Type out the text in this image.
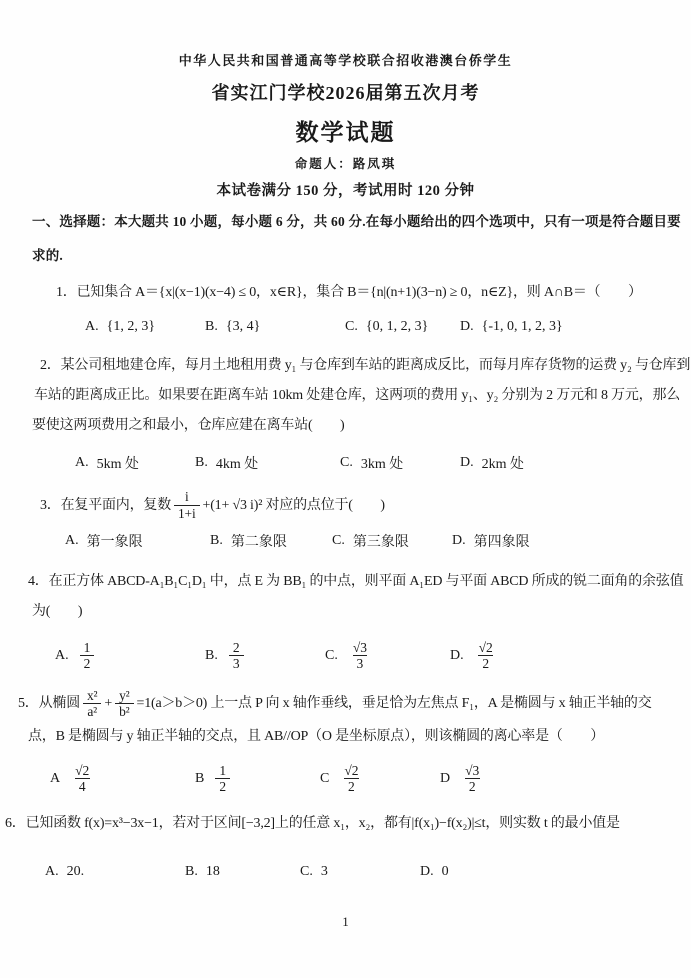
中华人民共和国普通高等学校联合招收港澳台侨学生
省实江门学校2026届第五次月考
数学试题
命题人：路凤琪
本试卷满分 150 分，考试用时 120 分钟
一、选择题：本大题共 10 小题，每小题 6 分，共 60 分.在每小题给出的四个选项中，只有一项是符合题目要
求的.
1．已知集合 A＝{x|(x−1)(x−4) ≤ 0，x∈R}，集合 B＝{n|(n+1)(3−n) ≥ 0，n∈Z}，则 A∩B＝（　　）
A. {1, 2, 3}	B. {3, 4}	C. {0, 1, 2, 3} D. {-1, 0, 1, 2, 3}
2．某公司租地建仓库，每月土地租用费 y₁ 与仓库到车站的距离成反比，而每月库存货物的运费 y₂ 与仓库到
车站的距离成正比。如果要在距离车站 10km 处建仓库，这两项的费用 y₁、y₂ 分别为 2 万元和 8 万元，那么
要使这两项费用之和最小，仓库应建在离车站(　　)
A. 5km 处	B. 4km 处	C. 3km 处	D. 2km 处
3．在复平面内，复数 $\frac{i}{1+i} +(1+ √3$ i)² 对应的点位于(　　)
A. 第一象限	B. 第二象限	C. 第三象限	D. 第四象限
4．在正方体 ABCD-A₁B₁C₁D₁ 中，点 E 为 BB₁ 的中点，则平面 A₁ED 与平面 ABCD 所成的锐二面角的余弦值
为(　　)
A. $\frac{1}{2}$	B. $\frac{2}{3}$	C. $\frac{√3}{3}$	D. $\frac{√2}{2}$
5．从椭圆 $\frac{\text{x²}}{\text{a²}} + \frac{\text{y²}}{\text{b²}} =1(a>b>0)$ 上一点 P 向 x 轴作垂线，垂足恰为左焦点 F₁，A 是椭圆与 x 轴正半轴的交
点，B 是椭圆与 y 轴正半轴的交点，且 AB//OP（O 是坐标原点），则该椭圆的离心率是（　　）
A $\frac{√2}{4}$	B $\frac{1}{2}$	C $\frac{√2}{2}$	D $\frac{√3}{2}$
6．已知函数 f(x)=x³−3x−1，若对于区间[−3,2]上的任意 x₁，x₂，都有|f(x₁)−f(x₂)|≤t，则实数 t 的最小值是
A. 20.	B. 18	C. 3	D. 0
1
